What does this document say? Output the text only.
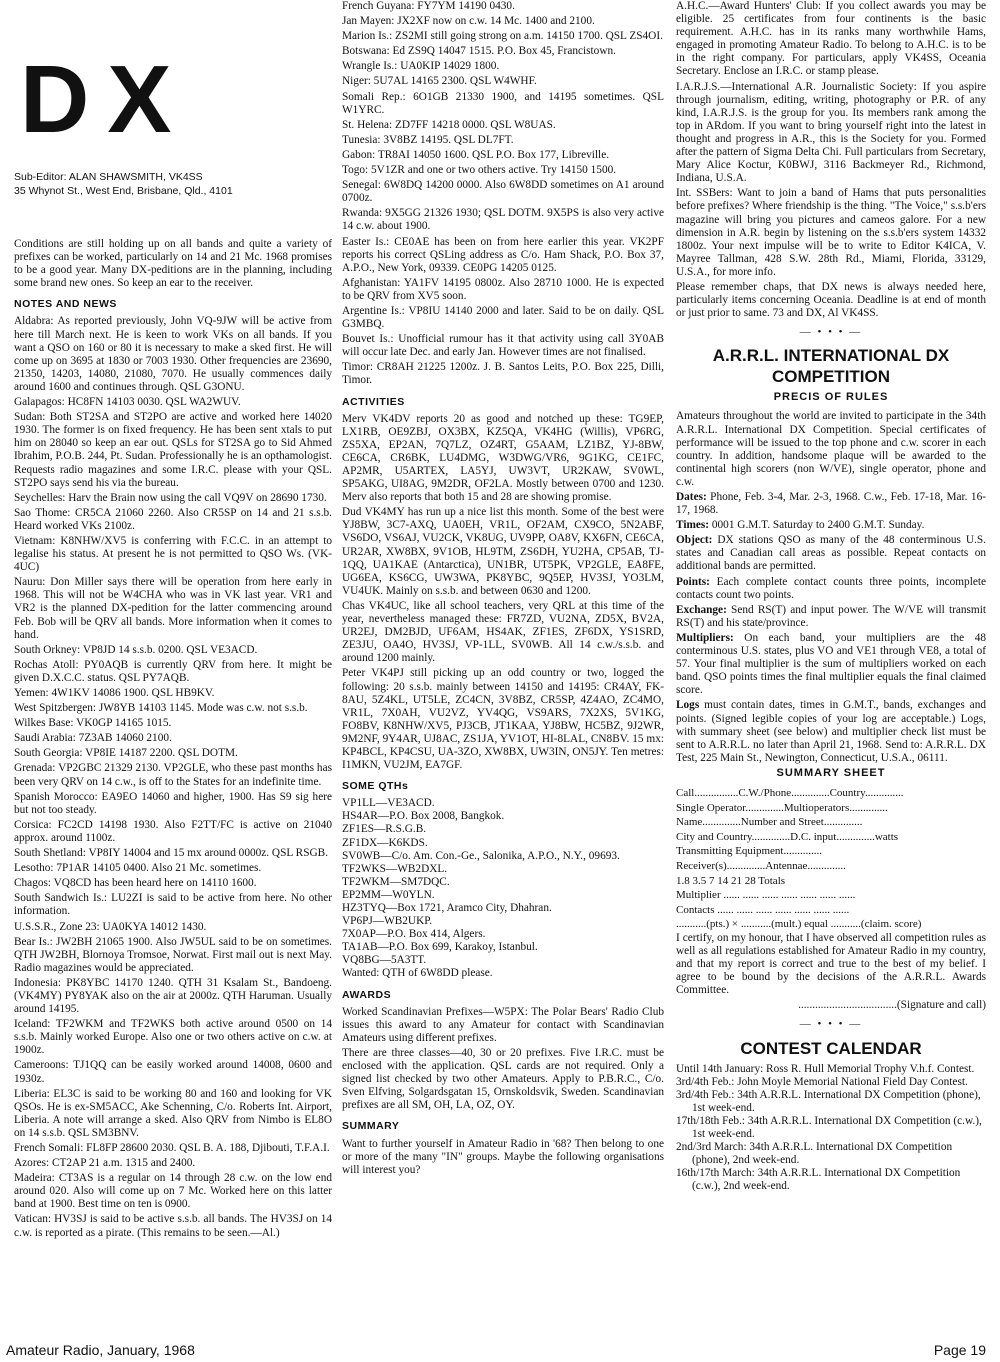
DX
Sub-Editor: ALAN SHAWSMITH, VK4SS
35 Whynot St., West End, Brisbane, Qld., 4101

Conditions are still holding up on all bands and quite a variety of prefixes can be worked, particularly on 14 and 21 Mc. 1968 promises to be a good year. Many DX-peditions are in the planning, including some brand new ones. So keep an ear to the receiver.

NOTES AND NEWS

Aldabra: As reported previously, John VQ-9JW will be active from here till March next. He is keen to work VKs on all bands. If you want a QSO on 160 or 80 it is necessary to make a sked first. He will come up on 3695 at 1830 or 7003 1930. Other frequencies are 23690, 21350, 14203, 14080, 21080, 7070. He usually commences daily around 1600 and continues through. QSL G3ONU.

Galapagos: HC8FN 14103 0030. QSL WA2WUV.

Sudan: Both ST2SA and ST2PO are active and worked here 14020 1930. The former is on fixed frequency. He has been sent xtals to put him on 28040 so keep an ear out. QSLs for ST2SA go to Sid Ahmed Ibrahim, P.O.B. 244, Pt. Sudan. Professionally he is an opthamologist. Requests radio magazines and some I.R.C. please with your QSL. ST2PO says send his via the bureau.

Seychelles: Harv the Brain now using the call VQ9V on 28690 1730.

Sao Thome: CR5CA 21060 2260. Also CR5SP on 14 and 21 s.s.b. Heard worked VKs 2100z.

Vietnam: K8NHW/XV5 is conferring with F.C.C. in an attempt to legalise his status. At present he is not permitted to QSO Ws. (VK-4UC)

Nauru: Don Miller says there will be operation from here early in 1968. This will not be W4CHA who was in VK last year. VR1 and VR2 is the planned DX-pedition for the latter commencing around Feb. Bob will be QRV all bands. More information when it comes to hand.

South Orkney: VP8JD 14 s.s.b. 0200. QSL VE3ACD.

Rochas Atoll: PY0AQB is currently QRV from here. It might be given D.X.C.C. status. QSL PY7AQB.

Yemen: 4W1KV 14086 1900. QSL HB9KV.

West Spitzbergen: JW8YB 14103 1145. Mode was c.w. not s.s.b.

Wilkes Base: VK0GP 14165 1015.

Saudi Arabia: 7Z3AB 14060 2100.

South Georgia: VP8IE 14187 2200. QSL DOTM.

Grenada: VP2GBC 21329 2130. VP2GLE, who these past months has been very QRV on 14 c.w., is off to the States for an indefinite time.

Spanish Morocco: EA9EO 14060 and higher, 1900. Has S9 sig here but not too steady.

Corsica: FC2CD 14198 1930. Also F2TT/FC is active on 21040 approx. around 1100z.

South Shetland: VP8IY 14004 and 15 mx around 0000z. QSL RSGB.

Lesotho: 7P1AR 14105 0400. Also 21 Mc. sometimes.

Chagos: VQ8CD has been heard here on 14110 1600.

South Sandwich Is.: LU2ZI is said to be active from here. No other information.

U.S.S.R., Zone 23: UA0KYA 14012 1430.

Bear Is.: JW2BH 21065 1900. Also JW5UL said to be on sometimes. QTH JW2BH, Blornoya Tromsoe, Norwat. First mail out is next May. Radio magazines would be appreciated.

Indonesia: PK8YBC 14170 1240. QTH 31 Ksalam St., Bandoeng. (VK4MY) PY8YAK also on the air at 2000z. QTH Haruman. Usually around 14195.

Iceland: TF2WKM and TF2WKS both active around 0500 on 14 s.s.b. Mainly worked Europe. Also one or two others active on c.w. at 1900z.

Cameroons: TJ1QQ can be easily worked around 14008, 0600 and 1930z.

Liberia: EL3C is said to be working 80 and 160 and looking for VK QSOs. He is ex-SM5ACC, Ake Schenning, C/o. Roberts Int. Airport, Liberia. A note will arrange a sked. Also QRV from Nimbo is EL8O on 14 s.s.b. QSL SM3BNV.

French Somali: FL8FP 28600 2030. QSL B. A. 188, Djibouti, T.F.A.I.

Azores: CT2AP 21 a.m. 1315 and 2400.

Madeira: CT3AS is a regular on 14 through 28 c.w. on the low end around 020. Also will come up on 7 Mc. Worked here on this latter band at 1900. Best time on ten is 0900.

Vatican: HV3SJ is said to be active s.s.b. all bands. The HV3SJ on 14 c.w. is reported as a pirate. (This remains to be seen.—Al.)

French Guyana: FY7YM 14190 0430.

Jan Mayen: JX2XF now on c.w. 14 Mc. 1400 and 2100.

Marion Is.: ZS2MI still going strong on a.m. 14150 1700. QSL ZS4OI.

Botswana: Ed ZS9Q 14047 1515. P.O. Box 45, Francistown.

Wrangle Is.: UA0KIP 14029 1800.

Niger: 5U7AL 14165 2300. QSL W4WHF.

Somali Rep.: 6O1GB 21330 1900, and 14195 sometimes. QSL W1YRC.

St. Helena: ZD7FF 14218 0000. QSL W8UAS.

Tunesia: 3V8BZ 14195. QSL DL7FT.

Gabon: TR8AI 14050 1600. QSL P.O. Box 177, Libreville.

Togo: 5V1ZR and one or two others active. Try 14150 1500.

Senegal: 6W8DQ 14200 0000. Also 6W8DD sometimes on A1 around 0700z.

Rwanda: 9X5GG 21326 1930; QSL DOTM. 9X5PS is also very active 14 c.w. about 1900.

Easter Is.: CE0AE has been on from here earlier this year. VK2PF reports his correct QSLing address as C/o. Ham Shack, P.O. Box 37, A.P.O., New York, 09339. CE0PG 14205 0125.

Afghanistan: YA1FV 14195 0800z. Also 28710 1000. He is expected to be QRV from XV5 soon.

Argentine Is.: VP8IU 14140 2000 and later. Said to be on daily. QSL G3MBQ.

Bouvet Is.: Unofficial rumour has it that activity using call 3Y0AB will occur late Dec. and early Jan. However times are not finalised.

Timor: CR8AH 21225 1200z. J. B. Santos Leits, P.O. Box 225, Dilli, Timor.

ACTIVITIES

Merv VK4DV reports 20 as good and notched up these: TG9EP, LX1RB, OE9ZBJ, OX3BX, KZ5QA, VK4HG (Willis), VP6RG, ZS5XA, EP2AN, 7Q7LZ, OZ4RT, G5AAM, LZ1BZ, YJ-8BW, CE6CA, CR6BK, LU4DMG, W3DWG/VR6, 9G1KG, CE1FC, AP2MR, U5ARTEX, LA5YJ, UW3VT, UR2KAW, SV0WL, SP5AKG, UI8AG, 9M2DR, OF2LA. Mostly between 0700 and 1230. Merv also reports that both 15 and 28 are showing promise.

Dud VK4MY has run up a nice list this month. Some of the best were YJ8BW, 3C7-AXQ, UA0EH, VR1L, OF2AM, CX9CO, 5N2ABF, VS6DO, VS6AJ, VU2CK, VK8UG, UV9PP, OA8V, KX6FN, CE6CA, UR2AR, XW8BX, 9V1OB, HL9TM, ZS6DH, YU2HA, CP5AB, TJ-1QQ, UA1KAE (Antarctica), UN1BR, UT5PK, VP2GLE, EA8FE, UG6EA, KS6CG, UW3WA, PK8YBC, 9Q5EP, HV3SJ, YO3LM, VU4UK. Mainly on s.s.b. and between 0630 and 1200.

Chas VK4UC, like all school teachers, very QRL at this time of the year, nevertheless managed these: FR7ZD, VU2NA, ZD5X, BV2A, UR2EJ, DM2BJD, UF6AM, HS4AK, ZF1ES, ZF6DX, YS1SRD, ZE3JU, OA4O, HV3SJ, VP-1LL, SV0WB. All 14 c.w./s.s.b. and around 1200 mainly.

Peter VK4PJ still picking up an odd country or two, logged the following: 20 s.s.b. mainly between 14150 and 14195: CR4AY, FK-8AU, 5Z4KL, UT5LE, ZC4CN, 3V8BZ, CR5SP, 4Z4AO, ZC4MO, VR1L, 7X0AH, VU2VZ, YV4QG, VS9ARS, 7X2XS, 5V1KG, FO8BV, K8NHW/XV5, PJ3CB, JT1KAA, YJ8BW, HC5BZ, 9J2WR, 9M2NF, 9Y4AR, UJ8AC, ZS1JA, YV1OT, HI-8LAL, CN8BV. 15 mx: KP4BCL, KP4CSU, UA-3ZO, XW8BX, UW3IN, ON5JY. Ten metres: I1MKN, VU2JM, EA7GF.

SOME QTHs
VP1LL—VE3ACD.
HS4AR—P.O. Box 2008, Bangkok.
ZF1ES—R.S.G.B.
ZF1DX—K6KDS.
SV0WB—C/o. Am. Con.-Ge., Salonika, A.P.O., N.Y., 09693.
TF2WKS—WB2DXL.
TF2WKM—SM7DQC.
EP2MM—W0YLN.
HZ3TYQ—Box 1721, Aramco City, Dhahran.
VP6PJ—WB2UKP.
7X0AP—P.O. Box 414, Algers.
TA1AB—P.O. Box 699, Karakoy, Istanbul.
VQ8BG—5A3TT.
Wanted: QTH of 6W8DD please.
AWARDS

Worked Scandinavian Prefixes—W5PX: The Polar Bears' Radio Club issues this award to any Amateur for contact with Scandinavian Amateurs using different prefixes.

There are three classes—40, 30 or 20 prefixes. Five I.R.C. must be enclosed with the application. QSL cards are not required. Only a signed list checked by two other Amateurs. Apply to P.B.R.C., C/o. Sven Elfving, Solgardsgatan 15, Ornskoldsvik, Sweden. Scandinavian prefixes are all SM, OH, LA, OZ, OY.

SUMMARY

Want to further yourself in Amateur Radio in '68? Then belong to one or more of the many "IN" groups. Maybe the following organisations will interest you?

A.H.C.—Award Hunters' Club: If you collect awards you may be eligible. 25 certificates from four continents is the basic requirement. A.H.C. has in its ranks many worthwhile Hams, engaged in promoting Amateur Radio. To belong to A.H.C. is to be in the right company. For particulars, apply VK4SS, Oceania Secretary. Enclose an I.R.C. or stamp please.

I.A.R.J.S.—International A.R. Journalistic Society: If you aspire through journalism, editing, writing, photography or P.R. of any kind, I.A.R.J.S. is the group for you. Its members rank among the top in ARdom. If you want to bring yourself right into the latest in thought and progress in A.R., this is the Society for you. Formed after the pattern of Sigma Delta Chi. Full particulars from Secretary, Mary Alice Koctur, K0BWJ, 3116 Backmeyer Rd., Richmond, Indiana, U.S.A.

Int. SSBers: Want to join a band of Hams that puts personalities before prefixes? Where friendship is the thing. "The Voice," s.s.b'ers magazine will bring you pictures and cameos galore. For a new dimension in A.R. begin by listening on the s.s.b'ers system 14332 1800z. Your next impulse will be to write to Editor K4ICA, V. Mayree Tallman, 428 S.W. 28th Rd., Miami, Florida, 33129, U.S.A., for more info.

Please remember chaps, that DX news is always needed here, particularly items concerning Oceania. Deadline is at end of month or just prior to same. 73 and DX, Al VK4SS.

— • • • —
A.R.R.L. INTERNATIONAL DX COMPETITION
PRECIS OF RULES

Amateurs throughout the world are invited to participate in the 34th A.R.R.L. International DX Competition. Special certificates of performance will be issued to the top phone and c.w. scorer in each country. In addition, handsome plaque will be awarded to the continental high scorers (non W/VE), single operator, phone and c.w.

Dates: Phone, Feb. 3-4, Mar. 2-3, 1968. C.w., Feb. 17-18, Mar. 16-17, 1968.

Times: 0001 G.M.T. Saturday to 2400 G.M.T. Sunday.

Object: DX stations QSO as many of the 48 conterminous U.S. states and Canadian call areas as possible. Repeat contacts on additional bands are permitted.

Points: Each complete contact counts three points, incomplete contacts count two points.

Exchange: Send RS(T) and input power. The W/VE will transmit RS(T) and his state/province.

Multipliers: On each band, your multipliers are the 48 conterminous U.S. states, plus VO and VE1 through VE8, a total of 57. Your final multiplier is the sum of multipliers worked on each band. QSO points times the final multiplier equals the final claimed score.

Logs must contain dates, times in G.M.T., bands, exchanges and points. (Signed legible copies of your log are acceptable.) Logs, with summary sheet (see below) and multiplier check list must be sent to A.R.R.L. no later than April 21, 1968. Send to: A.R.R.L. DX Test, 225 Main St., Newington, Connecticut, U.S.A., 06111.

SUMMARY SHEET
Call................C.W./Phone..............Country..............
Single Operator..............Multioperators..............
Name..............Number and Street..............
City and Country..............D.C. input..............watts
Transmitting Equipment..............
Receiver(s)..............Antennae..............
1.8 3.5 7 14 21 28 Totals
Multiplier ...... ...... ...... ...... ...... ...... ......
Contacts ...... ...... ...... ...... ...... ...... ......
...........(pts.) × ...........(mult.) equal ...........(claim. score)

I certify, on my honour, that I have observed all competition rules as well as all regulations established for Amateur Radio in my country, and that my report is correct and true to the best of my belief. I agree to be bound by the decisions of the A.R.R.L. Awards Committee.

...................................(Signature and call)

— • • • —
CONTEST CALENDAR
Until 14th January: Ross R. Hull Memorial Trophy V.h.f. Contest.
3rd/4th Feb.: John Moyle Memorial National Field Day Contest.
3rd/4th Feb.: 34th A.R.R.L. International DX Competition (phone), 1st week-end.
17th/18th Feb.: 34th A.R.R.L. International DX Competition (c.w.), 1st week-end.
2nd/3rd March: 34th A.R.R.L. International DX Competition (phone), 2nd week-end.
16th/17th March: 34th A.R.R.L. International DX Competition (c.w.), 2nd week-end.
Amateur Radio, January, 1968	Page 19
